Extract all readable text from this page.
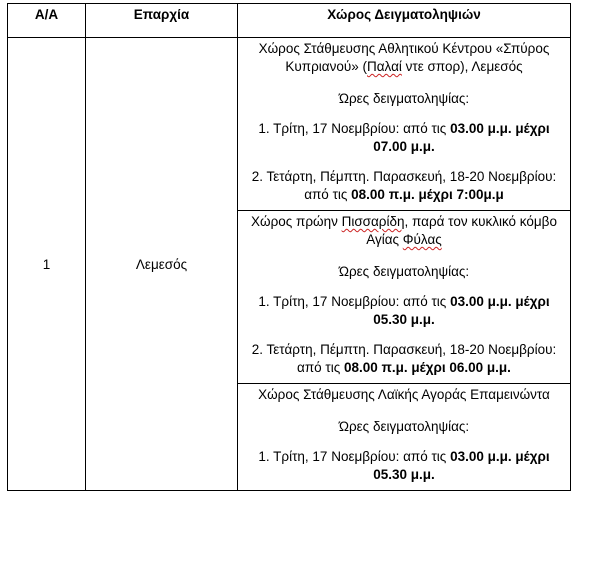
Α/Α	Επαρχία	Χώρος Δειγματοληψιών
1	Λεμεσός	Χώρος Στάθμευσης Αθλητικού Κέντρου «Σπύρος Κυπριανού» (Παλαί ντε σπορ), Λεμεσός

Ώρες δειγματοληψίας:

1. Τρίτη, 17 Νοεμβρίου: από τις 03.00 μ.μ. μέχρι 07.00 μ.μ.

2. Τετάρτη, Πέμπτη. Παρασκευή, 18-20 Νοεμβρίου: από τις 08.00 π.μ. μέχρι 7:00μ.μ

		Χώρος πρώην Πισσαρίδη, παρά τον κυκλικό κόμβο Αγίας Φύλας

Ώρες δειγματοληψίας:

1. Τρίτη, 17 Νοεμβρίου: από τις 03.00 μ.μ. μέχρι 05.30 μ.μ.

2. Τετάρτη, Πέμπτη. Παρασκευή, 18-20 Νοεμβρίου: από τις 08.00 π.μ. μέχρι 06.00 μ.μ.

		Χώρος Στάθμευσης Λαϊκής Αγοράς Επαμεινώντα

Ώρες δειγματοληψίας:

1. Τρίτη, 17 Νοεμβρίου: από τις 03.00 μ.μ. μέχρι 05.30 μ.μ.
